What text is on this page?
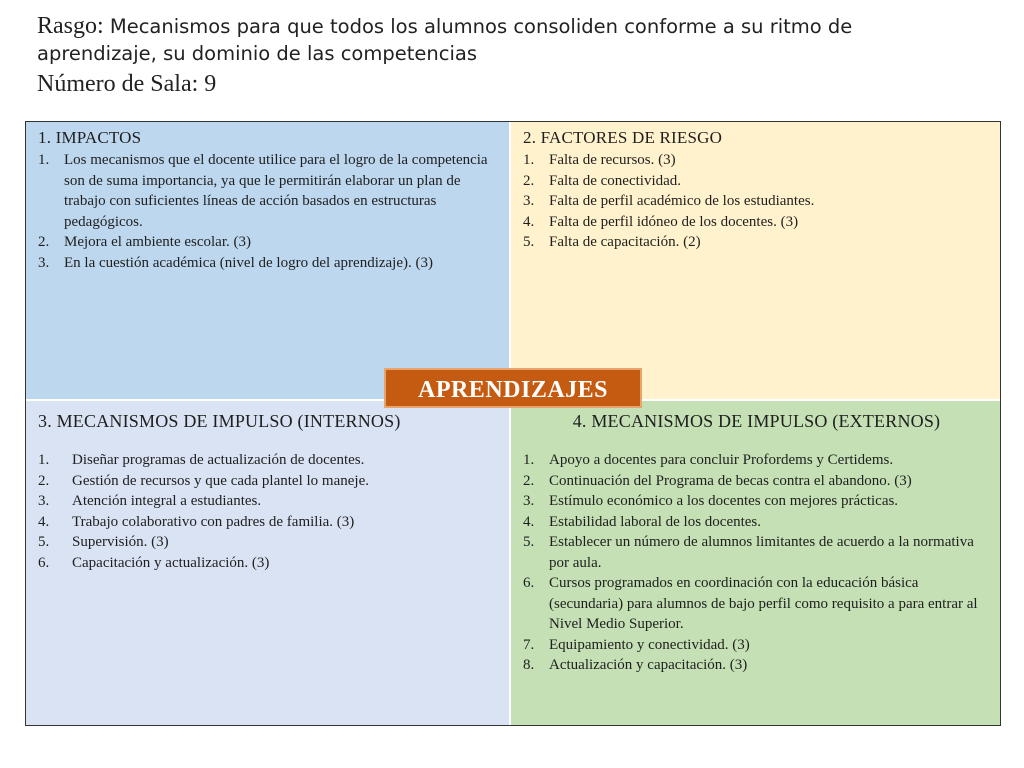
Rasgo: Mecanismos para que todos los alumnos consoliden conforme a su ritmo de
aprendizaje, su dominio de las competencias
Número de Sala: 9
1. IMPACTOS
1. Los mecanismos que el docente utilice para el logro de la competencia son de suma importancia, ya que le permitirán elaborar un plan de trabajo con suficientes líneas de acción basados en estructuras pedagógicos.
2. Mejora el ambiente escolar. (3)
3. En la cuestión académica (nivel de logro del aprendizaje). (3)
2. FACTORES DE RIESGO
1. Falta de recursos. (3)
2. Falta de conectividad.
3. Falta de perfil académico de los estudiantes.
4. Falta de perfil idóneo de los docentes. (3)
5. Falta de capacitación. (2)
3. MECANISMOS DE IMPULSO (INTERNOS)
1. Diseñar programas de actualización de docentes.
2. Gestión de recursos y que cada plantel lo maneje.
3. Atención integral a estudiantes.
4. Trabajo colaborativo con padres de familia. (3)
5. Supervisión. (3)
6. Capacitación y actualización. (3)
4. MECANISMOS DE IMPULSO (EXTERNOS)
1. Apoyo a docentes para concluir Profordems y Certidems.
2. Continuación del Programa de becas contra el abandono. (3)
3. Estímulo económico a los docentes con mejores prácticas.
4. Estabilidad laboral de los docentes.
5. Establecer un número de alumnos limitantes de acuerdo a la normativa por aula.
6. Cursos programados en coordinación con la educación básica (secundaria) para alumnos de bajo perfil como requisito a para entrar al Nivel Medio Superior.
7. Equipamiento y conectividad. (3)
8. Actualización y capacitación. (3)
APRENDIZAJES
